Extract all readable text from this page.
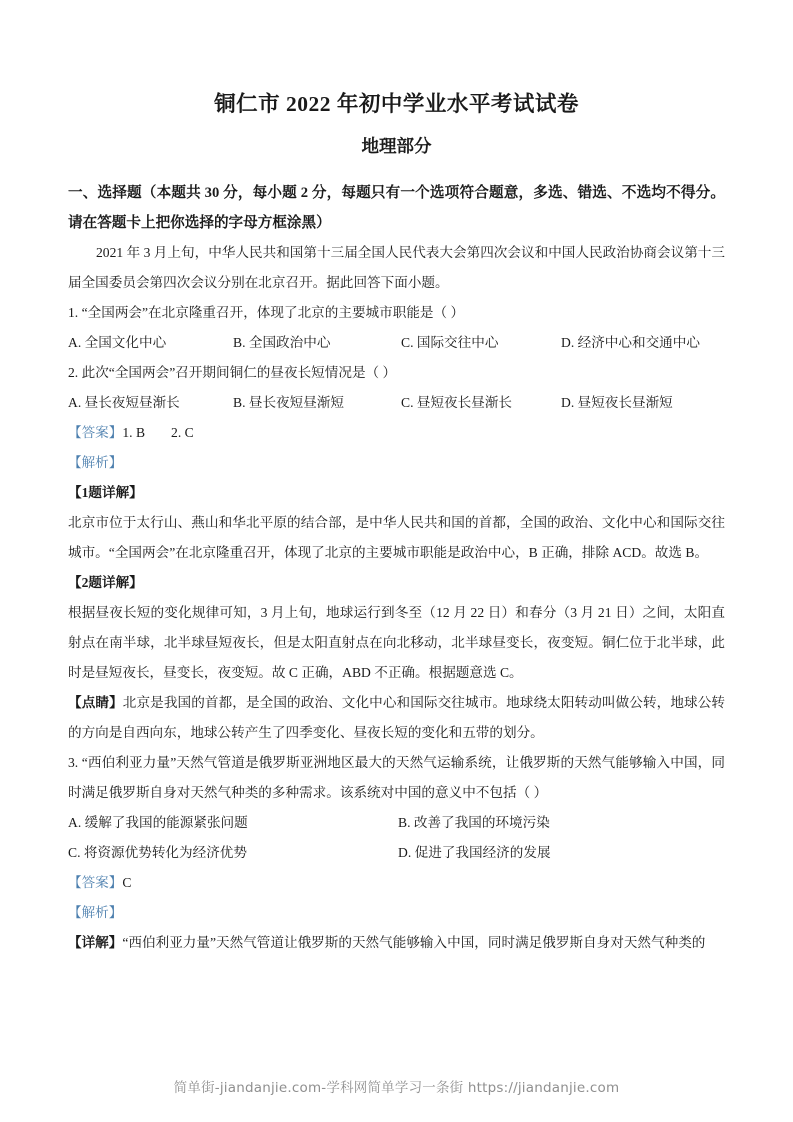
铜仁市 2022 年初中学业水平考试试卷
地理部分
一、选择题（本题共 30 分，每小题 2 分，每题只有一个选项符合题意，多选、错选、不选均不得分。请在答题卡上把你选择的字母方框涂黑）

2021 年 3 月上旬，中华人民共和国第十三届全国人民代表大会第四次会议和中国人民政治协商会议第十三届全国委员会第四次会议分别在北京召开。据此回答下面小题。

1. “全国两会”在北京隆重召开，体现了北京的主要城市职能是（ ）
A. 全国文化中心	B. 全国政治中心	C. 国际交往中心	D. 经济中心和交通中心
2. 此次“全国两会”召开期间铜仁的昼夜长短情况是（ ）
A. 昼长夜短昼渐长	B. 昼长夜短昼渐短	C. 昼短夜长昼渐长	D. 昼短夜长昼渐短

【答案】1. B 2. C

【解析】

【1题详解】

北京市位于太行山、燕山和华北平原的结合部，是中华人民共和国的首都，全国的政治、文化中心和国际交往城市。“全国两会”在北京隆重召开，体现了北京的主要城市职能是政治中心，B 正确，排除 ACD。故选 B。

【2题详解】

根据昼夜长短的变化规律可知，3 月上旬，地球运行到冬至（12 月 22 日）和春分（3 月 21 日）之间，太阳直射点在南半球，北半球昼短夜长，但是太阳直射点在向北移动，北半球昼变长，夜变短。铜仁位于北半球，此时是昼短夜长，昼变长，夜变短。故 C 正确，ABD 不正确。根据题意选 C。

【点睛】北京是我国的首都，是全国的政治、文化中心和国际交往城市。地球绕太阳转动叫做公转，地球公转的方向是自西向东，地球公转产生了四季变化、昼夜长短的变化和五带的划分。

3. “西伯利亚力量”天然气管道是俄罗斯亚洲地区最大的天然气运输系统，让俄罗斯的天然气能够输入中国，同时满足俄罗斯自身对天然气种类的多种需求。该系统对中国的意义中不包括（ ）
A. 缓解了我国的能源紧张问题	B. 改善了我国的环境污染
C. 将资源优势转化为经济优势	D. 促进了我国经济的发展

【答案】C

【解析】

【详解】“西伯利亚力量”天然气管道让俄罗斯的天然气能够输入中国，同时满足俄罗斯自身对天然气种类的

简单街-jiandanjie.com-学科网简单学习一条街 https://jiandanjie.com
